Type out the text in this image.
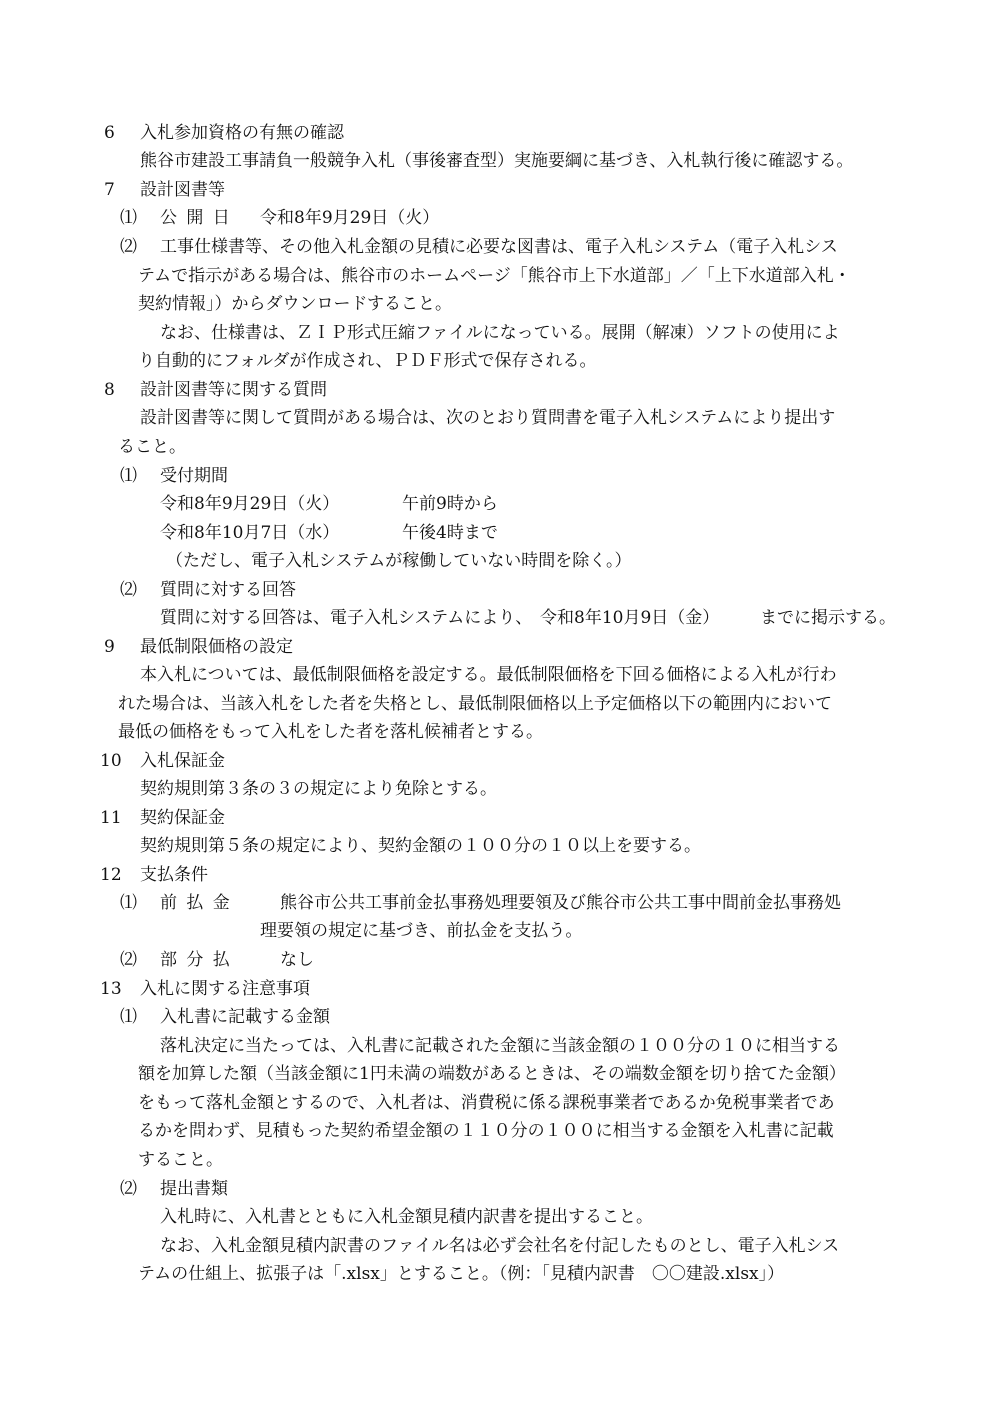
6 入札参加資格の有無の確認
熊谷市建設工事請負一般競争入札（事後審査型）実施要綱に基づき、入札執行後に確認する。
7 設計図書等
⑴ 公 開 日 令和8年9月29日（火）
⑵ 工事仕様書等、その他入札金額の見積に必要な図書は、電子入札システム（電子入札シス
テムで指示がある場合は、熊谷市のホームページ「熊谷市上下水道部」／「上下水道部入札・
契約情報」）からダウンロードすること。
なお、仕様書は、ＺＩＰ形式圧縮ファイルになっている。展開（解凍）ソフトの使用によ
り自動的にフォルダが作成され、ＰＤＦ形式で保存される。
8 設計図書等に関する質問
設計図書等に関して質問がある場合は、次のとおり質問書を電子入札システムにより提出す
ること。
⑴ 受付期間
令和8年9月29日（火）	午前9時から
令和8年10月7日（水）	午後4時まで
（ただし、電子入札システムが稼働していない時間を除く。）
⑵ 質問に対する回答
質問に対する回答は、電子入札システムにより、 令和8年10月9日（金） までに掲示する。
9 最低制限価格の設定
本入札については、最低制限価格を設定する。最低制限価格を下回る価格による入札が行わ
れた場合は、当該入札をした者を失格とし、最低制限価格以上予定価格以下の範囲内において
最低の価格をもって入札をした者を落札候補者とする。
10 入札保証金
契約規則第３条の３の規定により免除とする。
11 契約保証金
契約規則第５条の規定により、契約金額の１００分の１０以上を要する。
12 支払条件
⑴ 前 払 金	熊谷市公共工事前金払事務処理要領及び熊谷市公共工事中間前金払事務処
理要領の規定に基づき、前払金を支払う。
⑵ 部 分 払	なし
13 入札に関する注意事項
⑴ 入札書に記載する金額
落札決定に当たっては、入札書に記載された金額に当該金額の１００分の１０に相当する
額を加算した額（当該金額に1円未満の端数があるときは、その端数金額を切り捨てた金額）
をもって落札金額とするので、入札者は、消費税に係る課税事業者であるか免税事業者であ
るかを問わず、見積もった契約希望金額の１１０分の１００に相当する金額を入札書に記載
すること。
⑵ 提出書類
入札時に、入札書とともに入札金額見積内訳書を提出すること。
なお、入札金額見積内訳書のファイル名は必ず会社名を付記したものとし、電子入札シス
テムの仕組上、拡張子は「.xlsx」とすること。（例：「見積内訳書　〇〇建設.xlsx」）
